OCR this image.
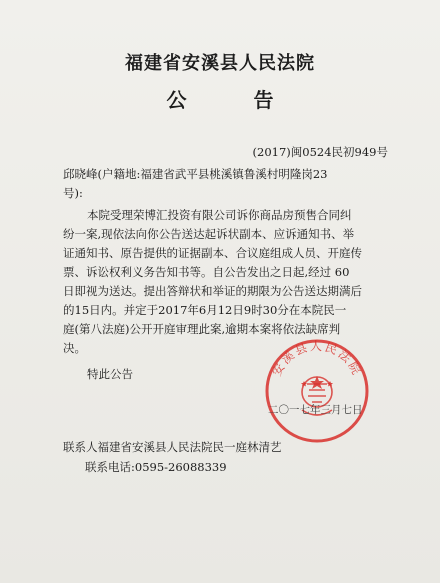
福建省安溪县人民法院
公 告
(2017)闽0524民初949号
邱晓峰(户籍地:福建省武平县桃溪镇鲁溪村明隆岗23
号):
本院受理荣博汇投资有限公司诉你商品房预售合同纠
纷一案,现依法向你公告送达起诉状副本、应诉通知书、举
证通知书、原告提供的证据副本、合议庭组成人员、开庭传
票、诉讼权利义务告知书等。自公告发出之日起,经过 60
日即视为送达。提出答辩状和举证的期限为公告送达期满后
的15日内。并定于2017年6月12日9时30分在本院民一
庭(第八法庭)公开开庭审理此案,逾期本案将依法缺席判
决。
特此公告	安溪县人民法院
二〇一七年三月七日
联系人福建省安溪县人民法院民一庭林清艺
联系电话:0595-26088339
